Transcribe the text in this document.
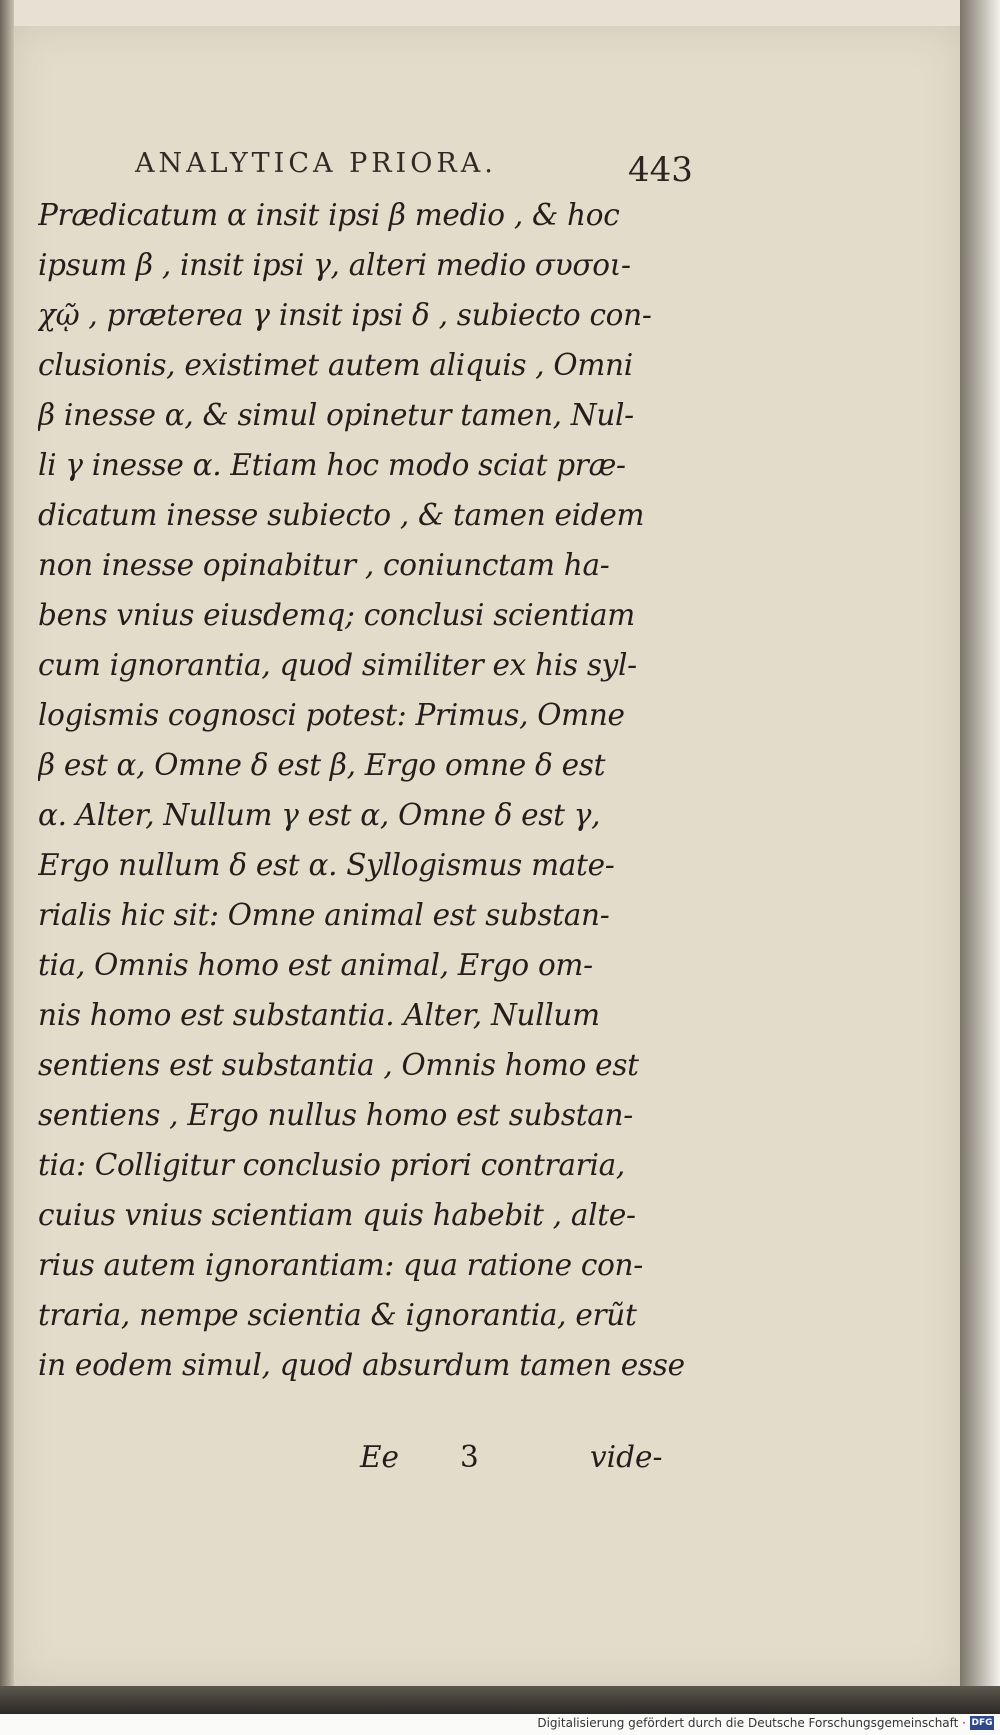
ANALYTICA PRIORA.	443
Prædicatum α insit ipsi β medio , & hoc
ipsum β , insit ipsi γ, alteri medio συσοι-
χῷ , præterea γ insit ipsi δ , subiecto con-
clusionis, existimet autem aliquis , Omni
β inesse α, & simul opinetur tamen, Nul-
li γ inesse α. Etiam hoc modo sciat præ-
dicatum inesse subiecto , & tamen eidem
non inesse opinabitur , coniunctam ha-
bens vnius eiusdemq; conclusi scientiam
cum ignorantia, quod similiter ex his syl-
logismis cognosci potest: Primus, Omne
β est α, Omne δ est β, Ergo omne δ est
α. Alter, Nullum γ est α, Omne δ est γ,
Ergo nullum δ est α. Syllogismus mate-
rialis hic sit: Omne animal est substan-
tia, Omnis homo est animal, Ergo om-
nis homo est substantia. Alter, Nullum
sentiens est substantia , Omnis homo est
sentiens , Ergo nullus homo est substan-
tia: Colligitur conclusio priori contraria,
cuius vnius scientiam quis habebit , alte-
rius autem ignorantiam: qua ratione con-
traria, nempe scientia & ignorantia, erũt
in eodem simul, quod absurdum tamen esse
Ee 3	vide-
Digitalisierung gefördert durch die Deutsche Forschungsgemeinschaft · DFG
